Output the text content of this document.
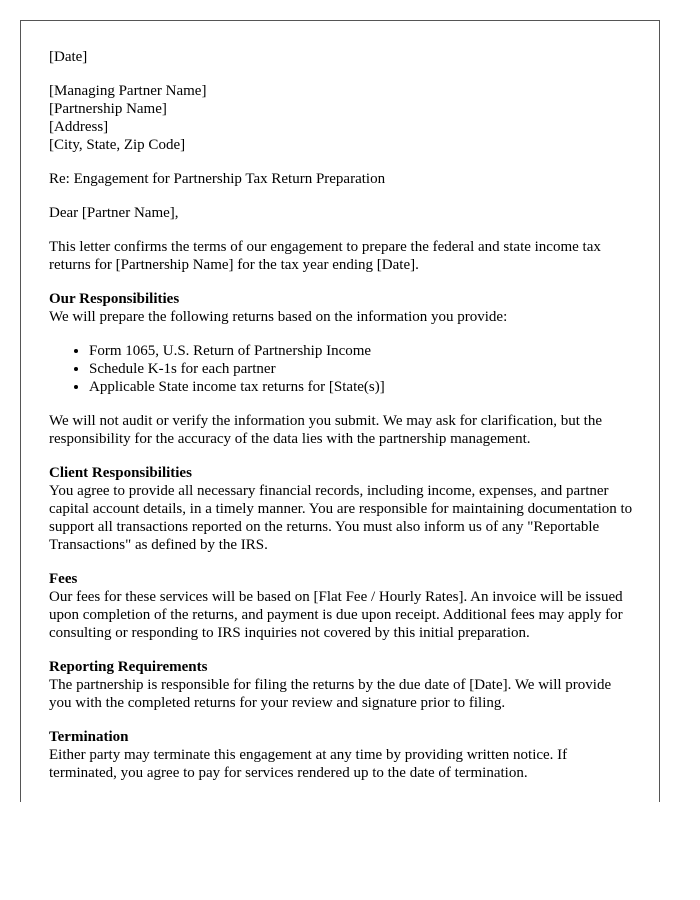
[Date]

[Managing Partner Name]

[Partnership Name]

[Address]

[City, State, Zip Code]

Re: Engagement for Partnership Tax Return Preparation

Dear [Partner Name],

This letter confirms the terms of our engagement to prepare the federal and state income tax returns for [Partnership Name] for the tax year ending [Date].

Our Responsibilities

We will prepare the following returns based on the information you provide:

• Form 1065, U.S. Return of Partnership Income
• Schedule K-1s for each partner
• Applicable State income tax returns for [State(s)]

We will not audit or verify the information you submit. We may ask for clarification, but the responsibility for the accuracy of the data lies with the partnership management.

Client Responsibilities

You agree to provide all necessary financial records, including income, expenses, and partner capital account details, in a timely manner. You are responsible for maintaining documentation to support all transactions reported on the returns. You must also inform us of any "Reportable Transactions" as defined by the IRS.

Fees

Our fees for these services will be based on [Flat Fee / Hourly Rates]. An invoice will be issued upon completion of the returns, and payment is due upon receipt. Additional fees may apply for consulting or responding to IRS inquiries not covered by this initial preparation.

Reporting Requirements

The partnership is responsible for filing the returns by the due date of [Date]. We will provide you with the completed returns for your review and signature prior to filing.

Termination

Either party may terminate this engagement at any time by providing written notice. If terminated, you agree to pay for services rendered up to the date of termination.
